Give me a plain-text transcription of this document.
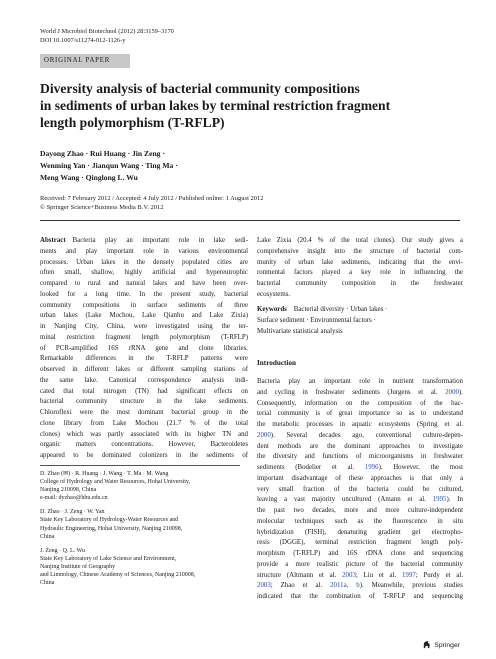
World J Microbiol Biotechnol (2012) 28:3159–3170
DOI 10.1007/s11274-012-1126-y
ORIGINAL PAPER
Diversity analysis of bacterial community compositions
in sediments of urban lakes by terminal restriction fragment
length polymorphism (T-RFLP)
Dayong Zhao · Rui Huang · Jin Zeng ·
Wenming Yan · Jianqun Wang · Ting Ma ·
Meng Wang · Qinglong L. Wu
Received: 7 February 2012 / Accepted: 4 July 2012 / Published online: 1 August 2012
© Springer Science+Business Media B.V. 2012
Abstract  Bacteria play an important role in lake sedi-
ments and play important role in various environmental
processes. Urban lakes in the densely populated cities are
often small, shallow, highly artificial and hypereutrophic
compared to rural and natural lakes and have been over-
looked for a long time. In the present study, bacterial
community compositions in surface sediments of three
urban lakes (Lake Mochou, Lake Qianhu and Lake Zixia)
in Nanjing City, China, were investigated using the ter-
minal restriction fragment length polymorphism (T-RFLP)
of PCR-amplified 16S rRNA gene and clone libraries.
Remarkable differences in the T-RFLP patterns were
observed in different lakes or different sampling stations of
the same lake. Canonical correspondence analysis indi-
cated that total nitrogen (TN) had significant effects on
bacterial community structure in the lake sediments.
Chloroflexi were the most dominant bacterial group in the
clone library from Lake Mochou (21.7 % of the total
clones) which was partly associated with its higher TN and
organic matters concentrations. However, Bacteroidetes
appeared to be dominated colonizers in the sediments of

D. Zhao (✉) · R. Huang · J. Wang · T. Ma · M. Wang
College of Hydrology and Water Resources, Hohai University,
Nanjing 210098, China
e-mail: dyzhao@hhu.edu.cn

D. Zhao · J. Zeng · W. Yan
State Key Laboratory of Hydrology-Water Resources and
Hydraulic Engineering, Hohai University, Nanjing 210098,
China

J. Zeng · Q. L. Wu
State Key Laboratory of Lake Science and Environment,
Nanjing Institute of Geography
and Limnology, Chinese Academy of Sciences, Nanjing 210008,
China

Lake Zixia (20.4 % of the total clones). Our study gives a
comprehensive insight into the structure of bacterial com-
munity of urban lake sediments, indicating that the envi-
ronmental factors played a key role in influencing the
bacterial community composition in the freshwater
ecosystems.
Keywords  Bacterial diversity · Urban lakes ·
Surface sediment · Environmental factors ·
Multivariate statistical analysis
Introduction
Bacteria play an important role in nutrient transformation
and cycling in freshwater sediments (Jurgens et al. 2000).
Consequently, information on the composition of the bac-
terial community is of great importance so as to understand
the metabolic processes in aquatic ecosystems (Spring et al.
2000). Several decades ago, conventional culture-depen-
dent methods are the dominant approaches to investigate
the diversity and functions of microorganisms in freshwater
sediments (Bodelier et al. 1996). However, the most
important disadvantage of these approaches is that only a
very small fraction of the bacteria could be cultured,
leaving a vast majority uncultured (Amann et al. 1995). In
the past two decades, more and more culture-independent
molecular techniques such as the fluorescence in situ
hybridization (FISH), denaturing gradient gel electropho-
resis (DGGE), terminal restriction fragment length poly-
morphism (T-RFLP) and 16S rDNA clone and sequencing
provide a more realistic picture of the bacterial community
structure (Altmann et al. 2003; Liu et al. 1997; Purdy et al.
2003; Zhao et al. 2011a, b). Meanwhile, previous studies
indicated that the combination of T-RFLP and sequencing
Springer
